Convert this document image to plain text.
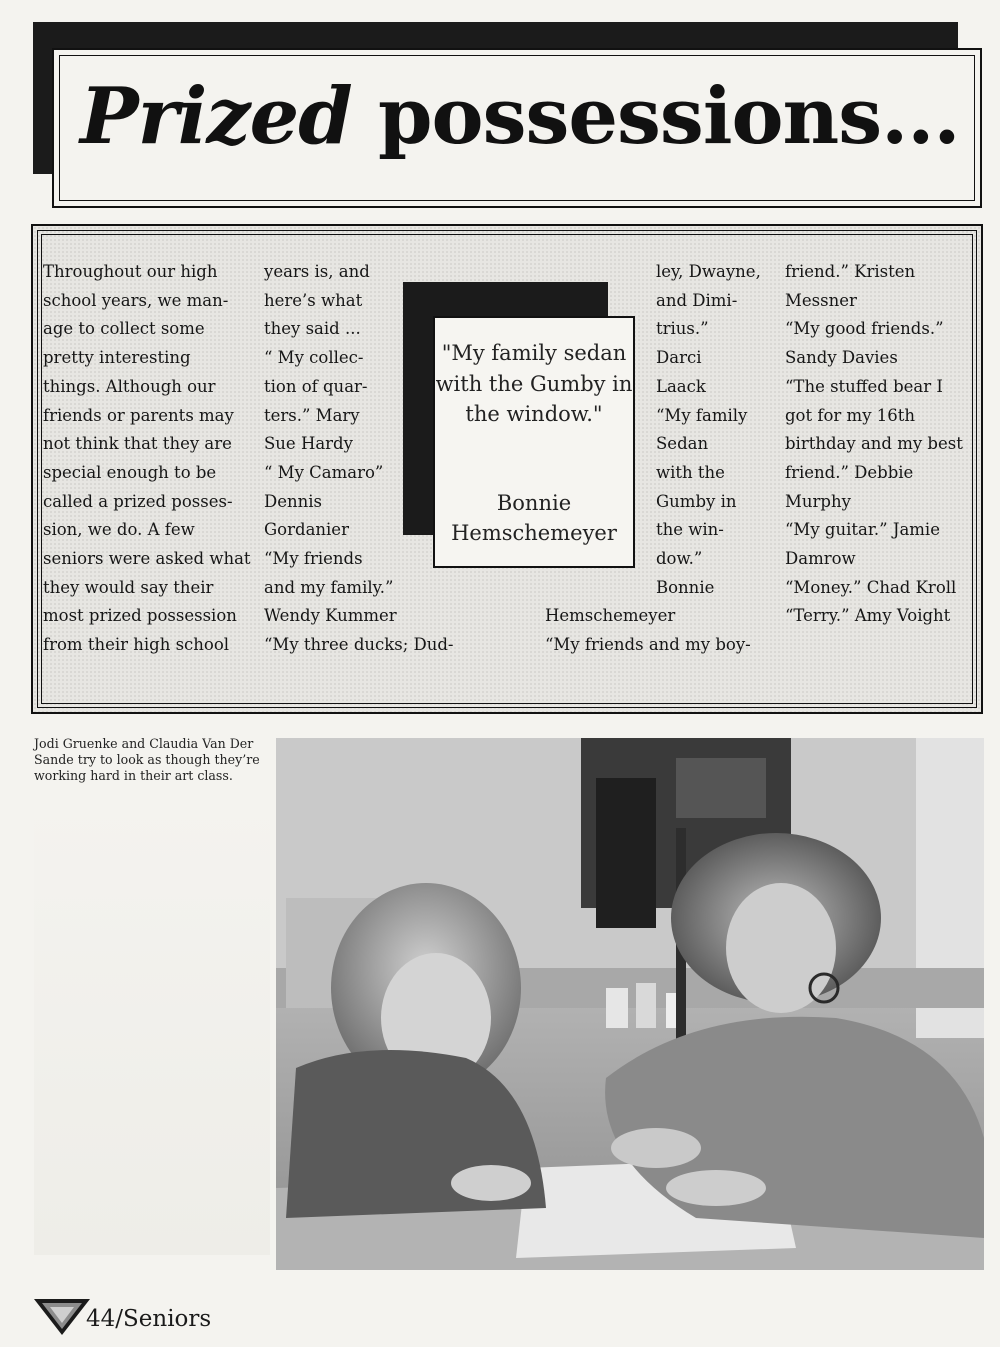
Prized possessions...
Throughout our high
school years, we man-
age to collect some
pretty interesting
things. Although our
friends or parents may
not think that they are
special enough to be
called a prized posses-
sion, we do. A few
seniors were asked what
they would say their
most prized possession
from their high school
years is, and
here’s what
they said ...
“ My collec-
tion of quar-
ters.” Mary
Sue Hardy
“ My Camaro”
Dennis
Gordanier
“My friends
and my family.”
Wendy Kummer
“My three ducks; Dud-
ley, Dwayne,
and Dimi-
trius.”
Darci
Laack
“My family
Sedan
with the
Gumby in
the win-
dow.”
Bonnie
Hemschemeyer
“My friends and my boy-
friend.” Kristen
Messner
“My good friends.”
Sandy Davies
“The stuffed bear I
got for my 16th
birthday and my best
friend.” Debbie
Murphy
“My guitar.” Jamie
Damrow
“Money.” Chad Kroll
“Terry.” Amy Voight
"My family sedan with the Gumby in the window."
Bonnie Hemschemeyer
Jodi Gruenke and Claudia Van Der Sande try to look as though they’re working hard in their art class.
44/Seniors
